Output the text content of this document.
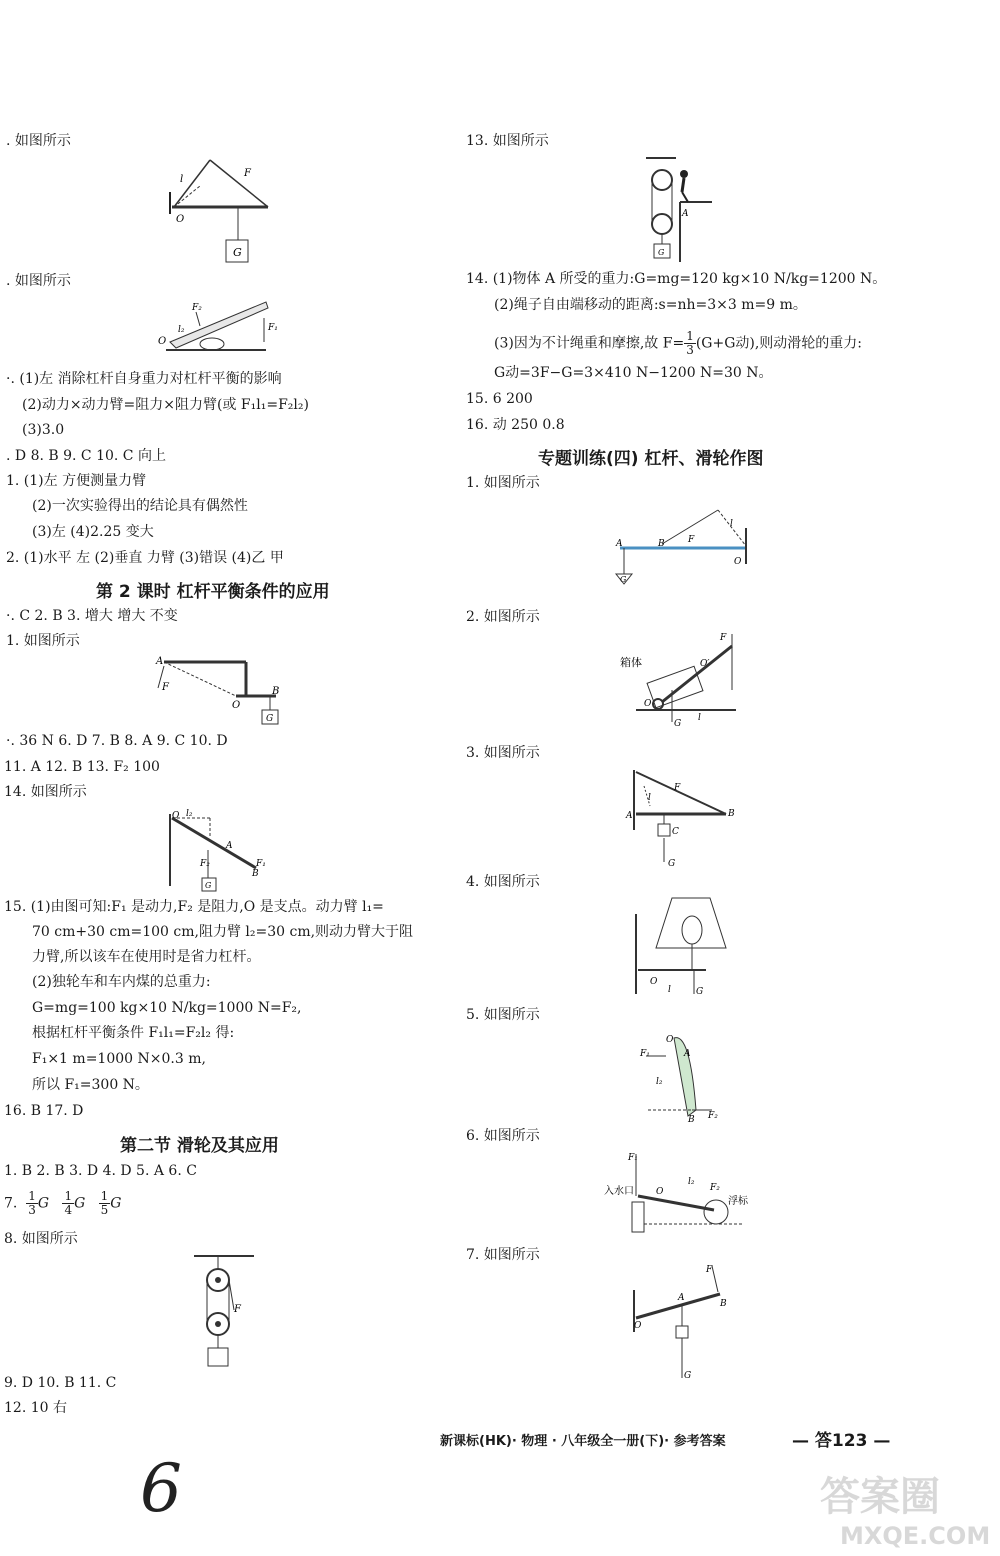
. 如图所示
O
l
F
G
. 如图所示
F₂
l₂	F₁
O
·. (1)左 消除杠杆自身重力对杠杆平衡的影响
(2)动力×动力臂=阻力×阻力臂(或 F₁l₁=F₂l₂)
(3)3.0
. D 8. B 9. C 10. C 向上
1. (1)左 方便测量力臂
(2)一次实验得出的结论具有偶然性
(3)左 (4)2.25 变大
2. (1)水平 左 (2)垂直 力臂 (3)错误 (4)乙 甲
第 2 课时 杠杆平衡条件的应用
·. C 2. B 3. 增大 增大 不变
1. 如图所示
A
F
O
B
G
·. 36 N 6. D 7. B 8. A 9. C 10. D
11. A 12. B 13. F₂ 100
14. 如图所示
O l₂
A
F₁
B
F₂
G
15. (1)由图可知:F₁ 是动力,F₂ 是阻力,O 是支点。动力臂 l₁=
70 cm+30 cm=100 cm,阻力臂 l₂=30 cm,则动力臂大于阻
力臂,所以该车在使用时是省力杠杆。
(2)独轮车和车内煤的总重力:
G=mg=100 kg×10 N/kg=1000 N=F₂,
根据杠杆平衡条件 F₁l₁=F₂l₂ 得:
F₁×1 m=1000 N×0.3 m,
所以 F₁=300 N。
16. B 17. D
第二节 滑轮及其应用
1. B 2. B 3. D 4. D 5. A 6. C
7. $\frac{1}{3}$ G $\frac{1}{4}$ G $\frac{1}{5}$ G
8. 如图所示
F
9. D 10. B 11. C
12. 10 右
13. 如图所示
G
A
14. (1)物体 A 所受的重力:G=mg=120 kg×10 N/kg=1200 N。
(2)绳子自由端移动的距离:s=nh=3×3 m=9 m。
(3)因为不计绳重和摩擦,故 $F= \frac{1}{3} (G+G$动),则动滑轮的重力:
G动=3F−G=3×410 N−1200 N=30 N。
15. 6 200
16. 动 250 0.8
专题训练(四) 杠杆、滑轮作图
1. 如图所示
A	B	F
l
O
G
2. 如图所示
箱体
F
O′
O
G
l
3. 如图所示
F
A	B
l
C
G
4. 如图所示
G
O
l
5. 如图所示
O
F₁	A
l₂
F₂
B
6. 如图所示
入水口
浮标
F₁
O
l₂
F₂
7. 如图所示
F
A
B
O
G
新课标(HK)· 物理 · 八年级全一册(下)· 参考答案	— 答123 —
6	答案圈
MXQE.COM
